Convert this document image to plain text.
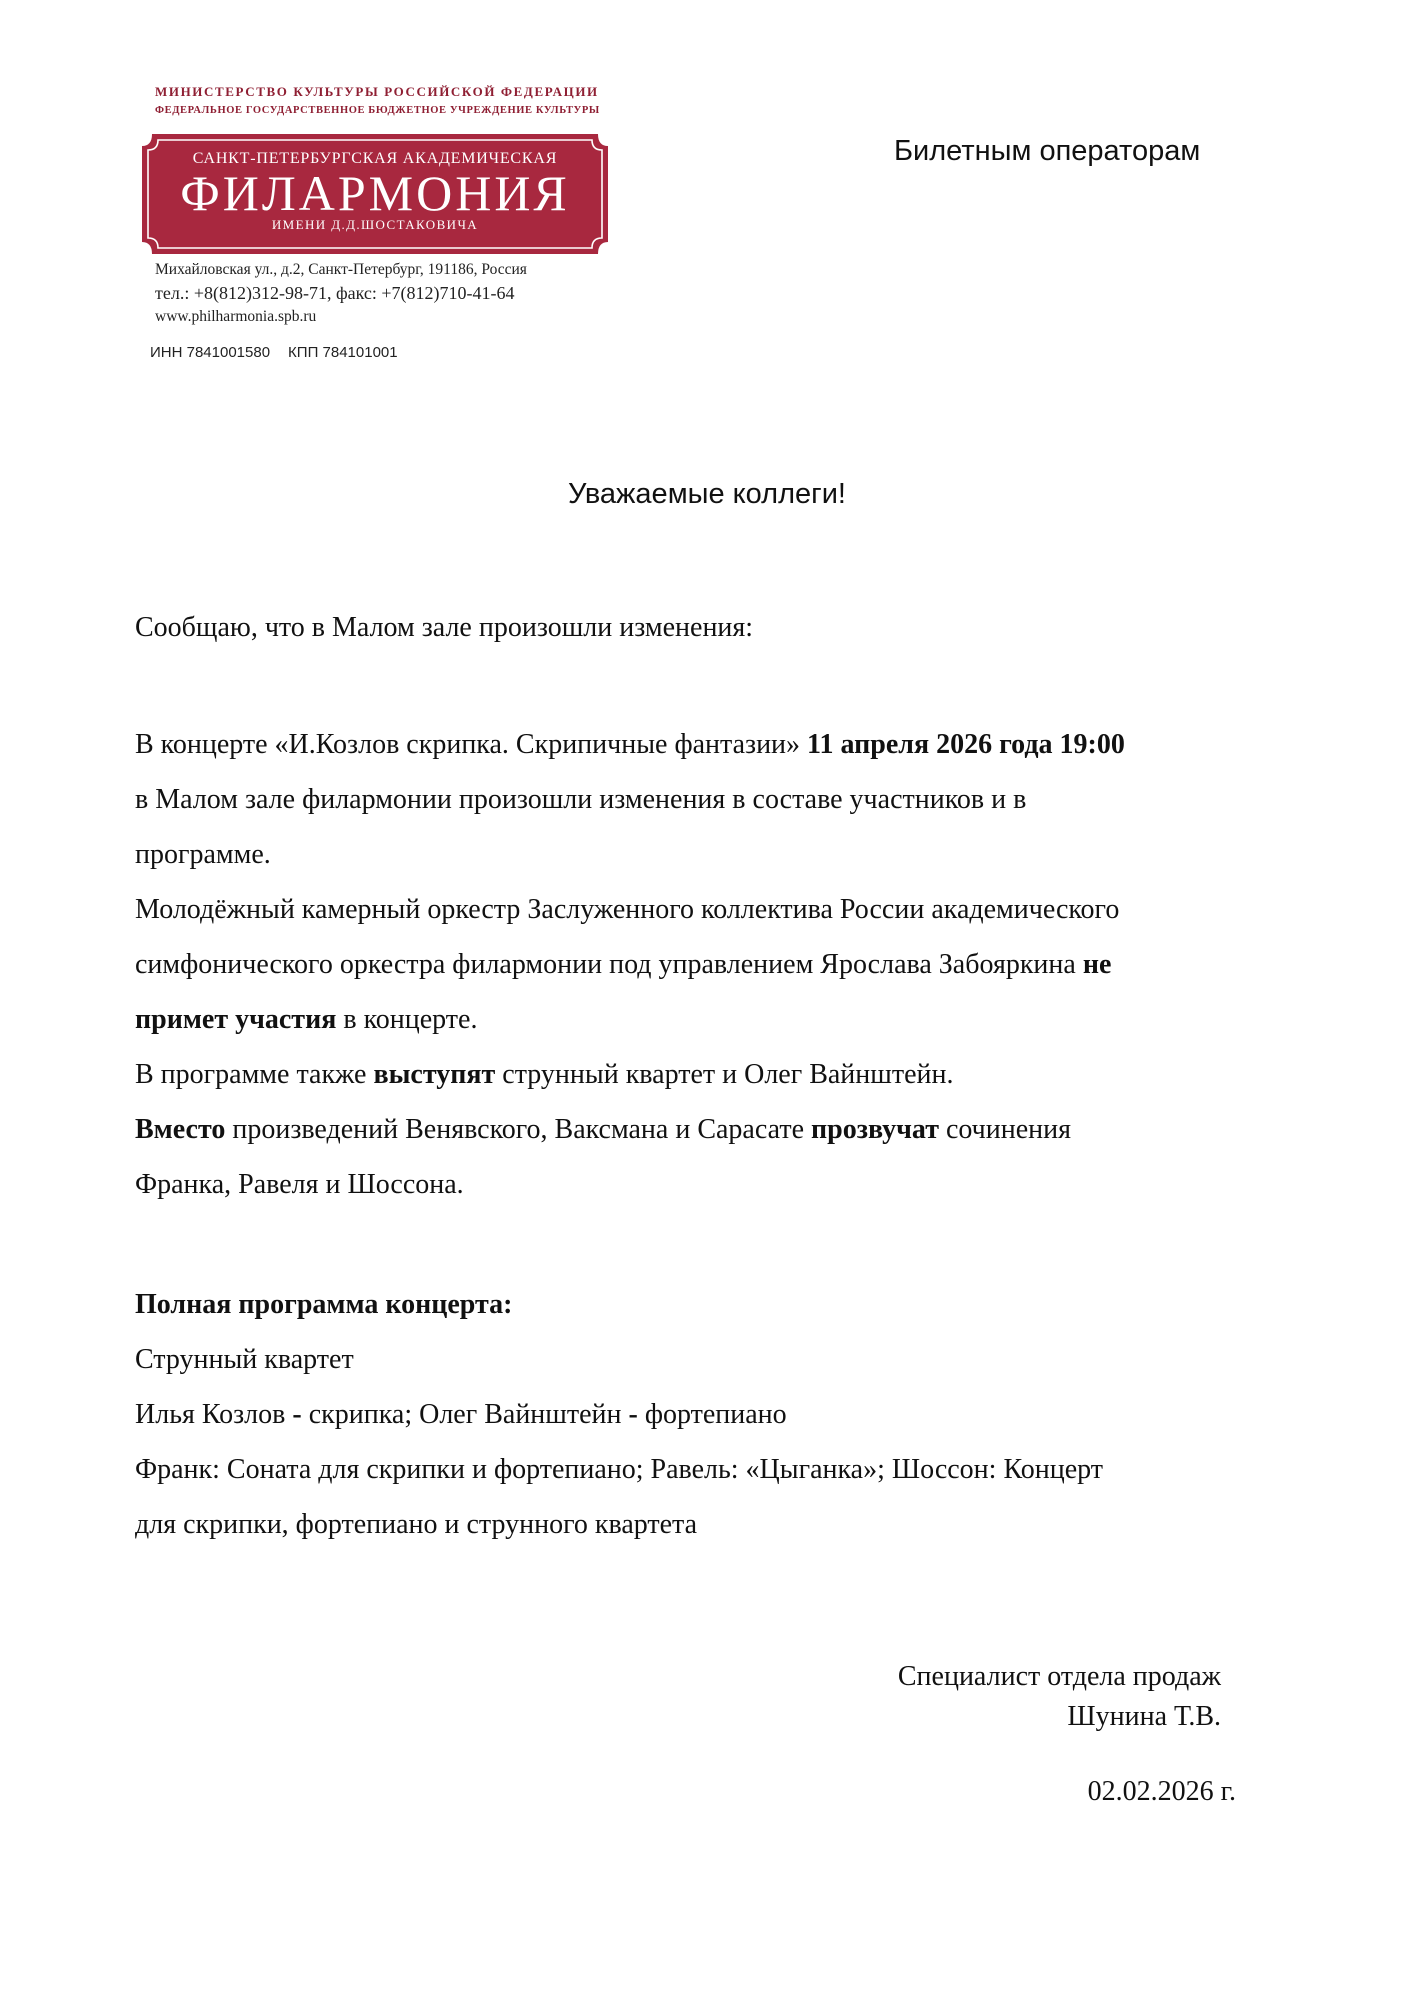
МИНИСТЕРСТВО КУЛЬТУРЫ РОССИЙСКОЙ ФЕДЕРАЦИИ
ФЕДЕРАЛЬНОЕ ГОСУДАРСТВЕННОЕ БЮДЖЕТНОЕ УЧРЕЖДЕНИЕ КУЛЬТУРЫ
САНКТ-ПЕТЕРБУРГСКАЯ АКАДЕМИЧЕСКАЯ
ФИЛАРМОНИЯ
ИМЕНИ Д.Д.ШОСТАКОВИЧА
Михайловская ул., д.2, Санкт-Петербург, 191186, Россия
тел.: +8(812)312-98-71, факс: +7(812)710-41-64
www.philharmonia.spb.ru
ИНН 7841001580 КПП 784101001
Билетным операторам
Уважаемые коллеги!
Сообщаю, что в Малом зале произошли изменения:
В концерте «И.Козлов скрипка. Скрипичные фантазии» 11 апреля 2026 года 19:00
в Малом зале филармонии произошли изменения в составе участников и в
программе.
Молодёжный камерный оркестр Заслуженного коллектива России академического
симфонического оркестра филармонии под управлением Ярослава Забояркина не
примет участия в концерте.
В программе также выступят струнный квартет и Олег Вайнштейн.
Вместо произведений Венявского, Ваксмана и Сарасате прозвучат сочинения
Франка, Равеля и Шоссона.
Полная программа концерта:
Струнный квартет
Илья Козлов - скрипка; Олег Вайнштейн - фортепиано
Франк: Соната для скрипки и фортепиано; Равель: «Цыганка»; Шоссон: Концерт
для скрипки, фортепиано и струнного квартета
Специалист отдела продаж
Шунина Т.В.
02.02.2026 г.
